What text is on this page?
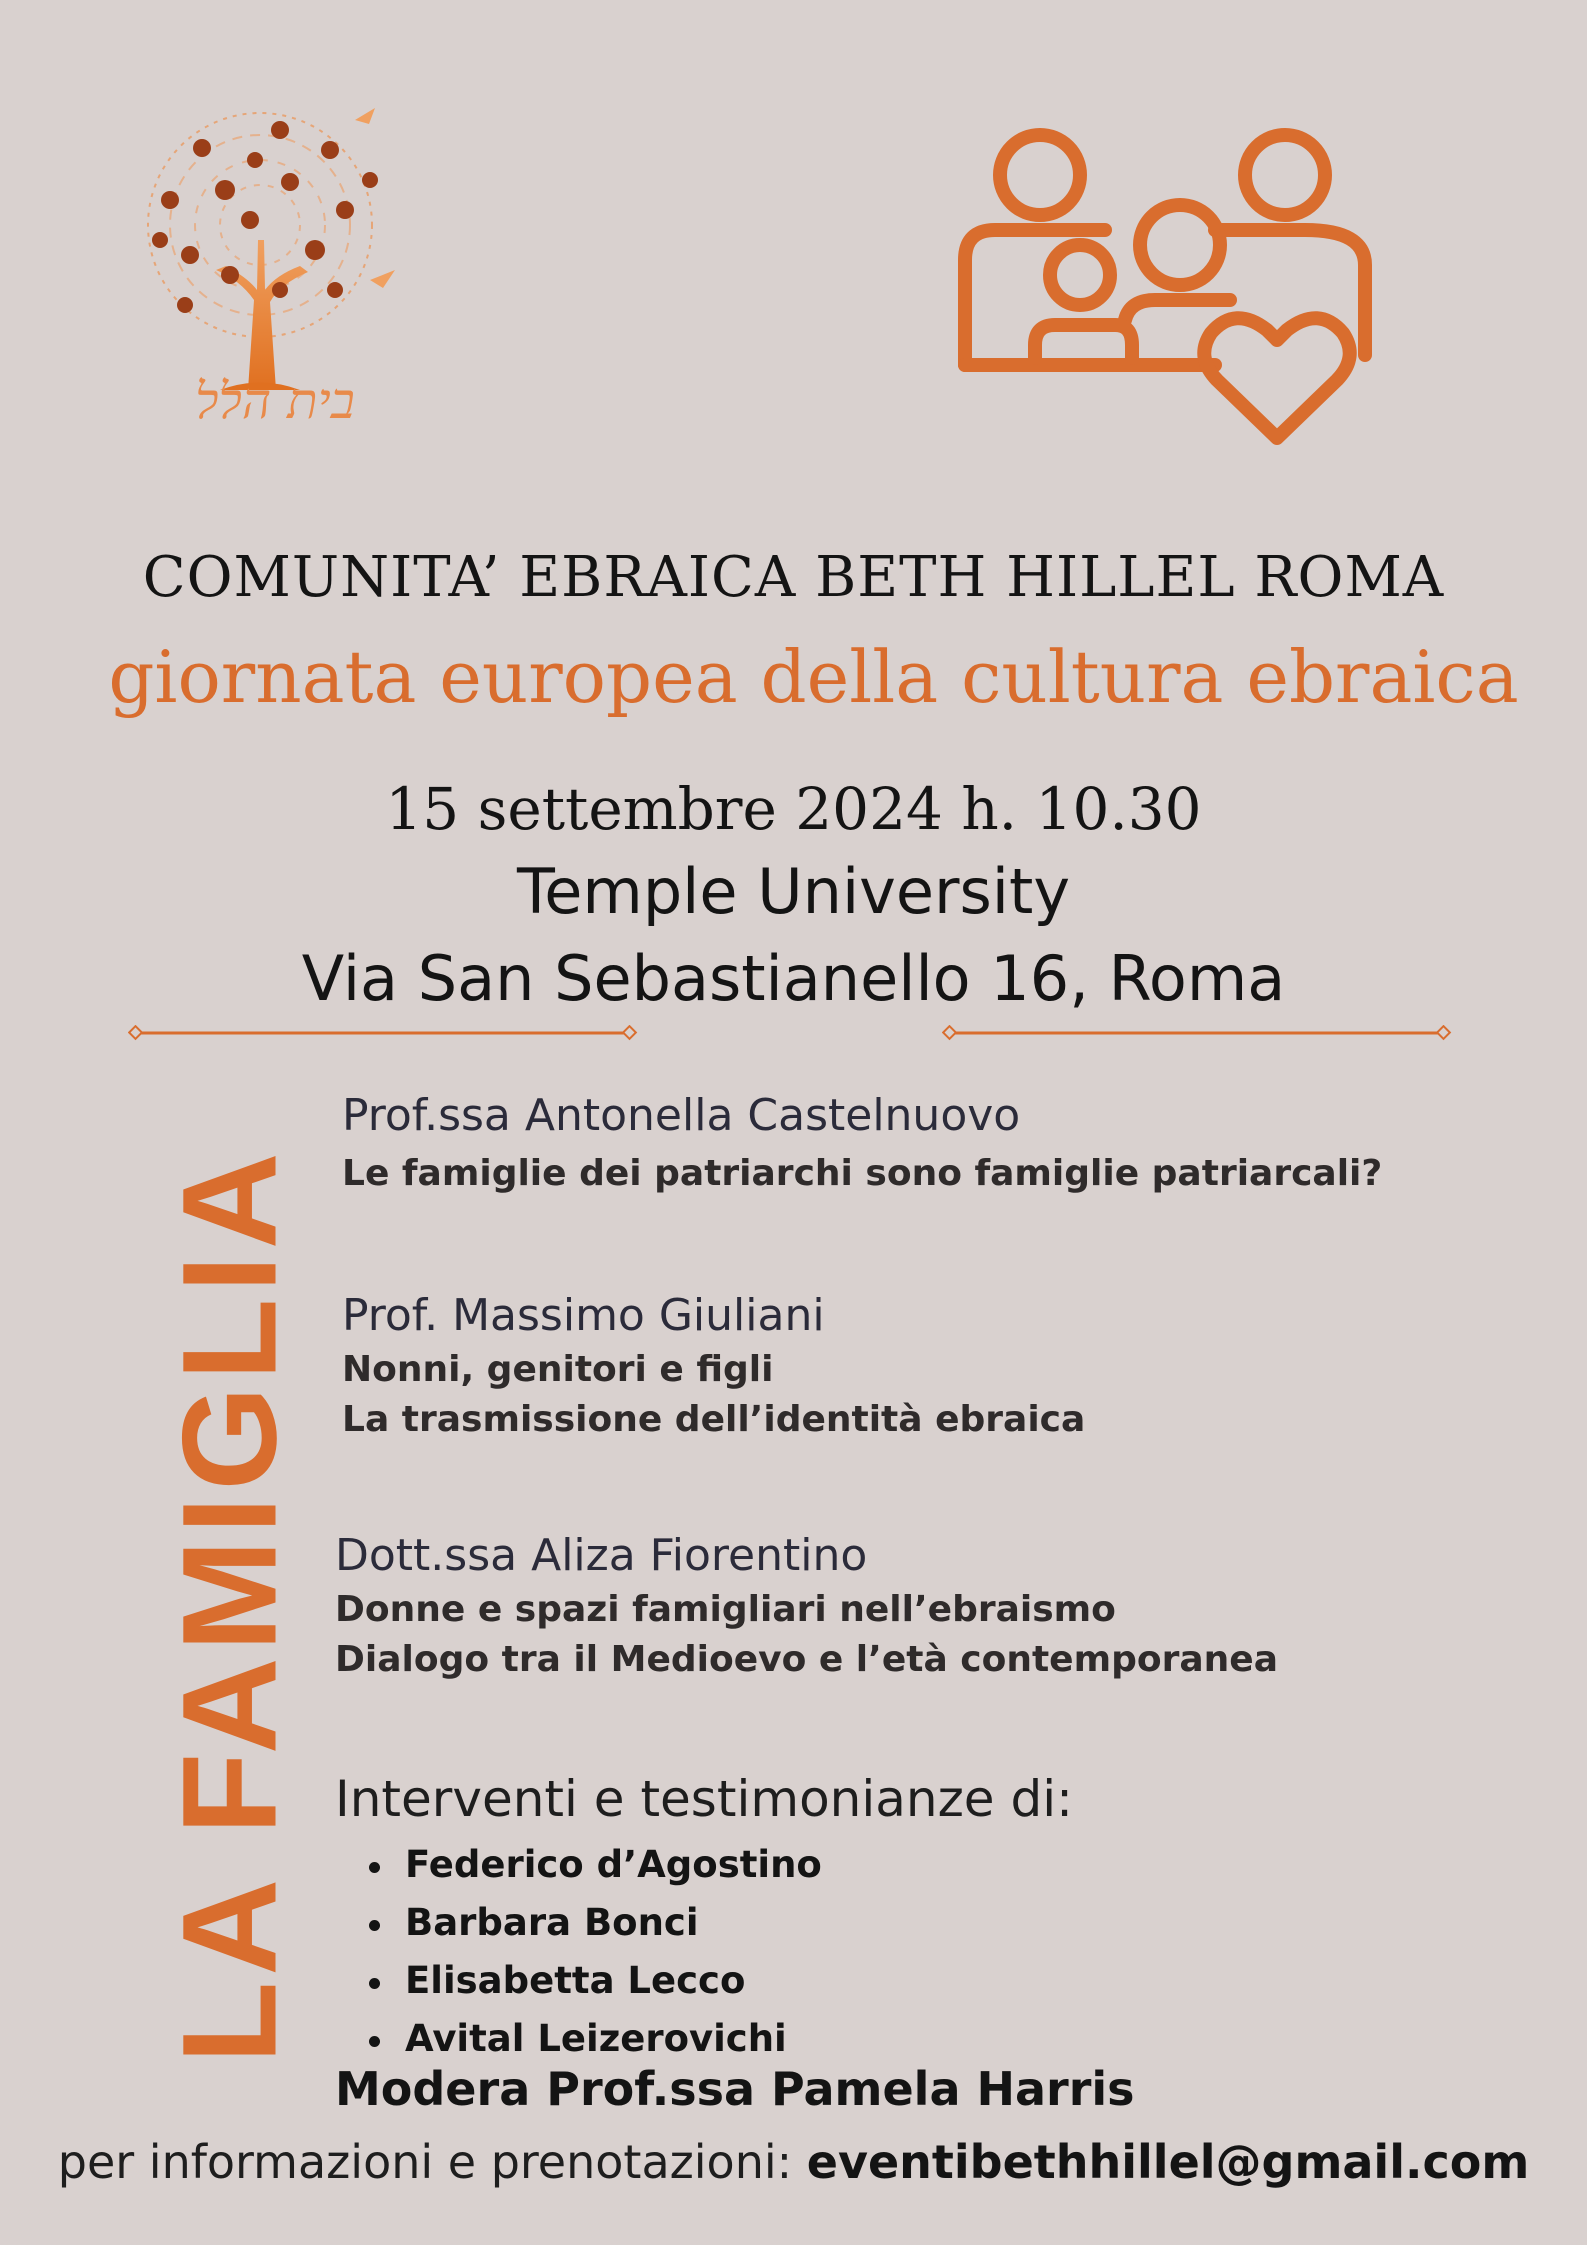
בית הלל
COMUNITA’ EBRAICA BETH HILLEL ROMA
giornata europea della cultura ebraica
15 settembre 2024 h. 10.30
Temple University
Via San Sebastianello 16, Roma
LA FAMIGLIA
Prof.ssa Antonella Castelnuovo
Le famiglie dei patriarchi sono famiglie patriarcali?
Prof. Massimo Giuliani
Nonni, genitori e figli
La trasmissione dell’identità ebraica
Dott.ssa Aliza Fiorentino
Donne e spazi famigliari nell’ebraismo
Dialogo tra il Medioevo e l’età contemporanea
Interventi e testimonianze di:
Federico d’Agostino
Barbara Bonci
Elisabetta Lecco
Avital Leizerovichi
Modera Prof.ssa Pamela Harris
per informazioni e prenotazioni: eventibethhillel@gmail.com
